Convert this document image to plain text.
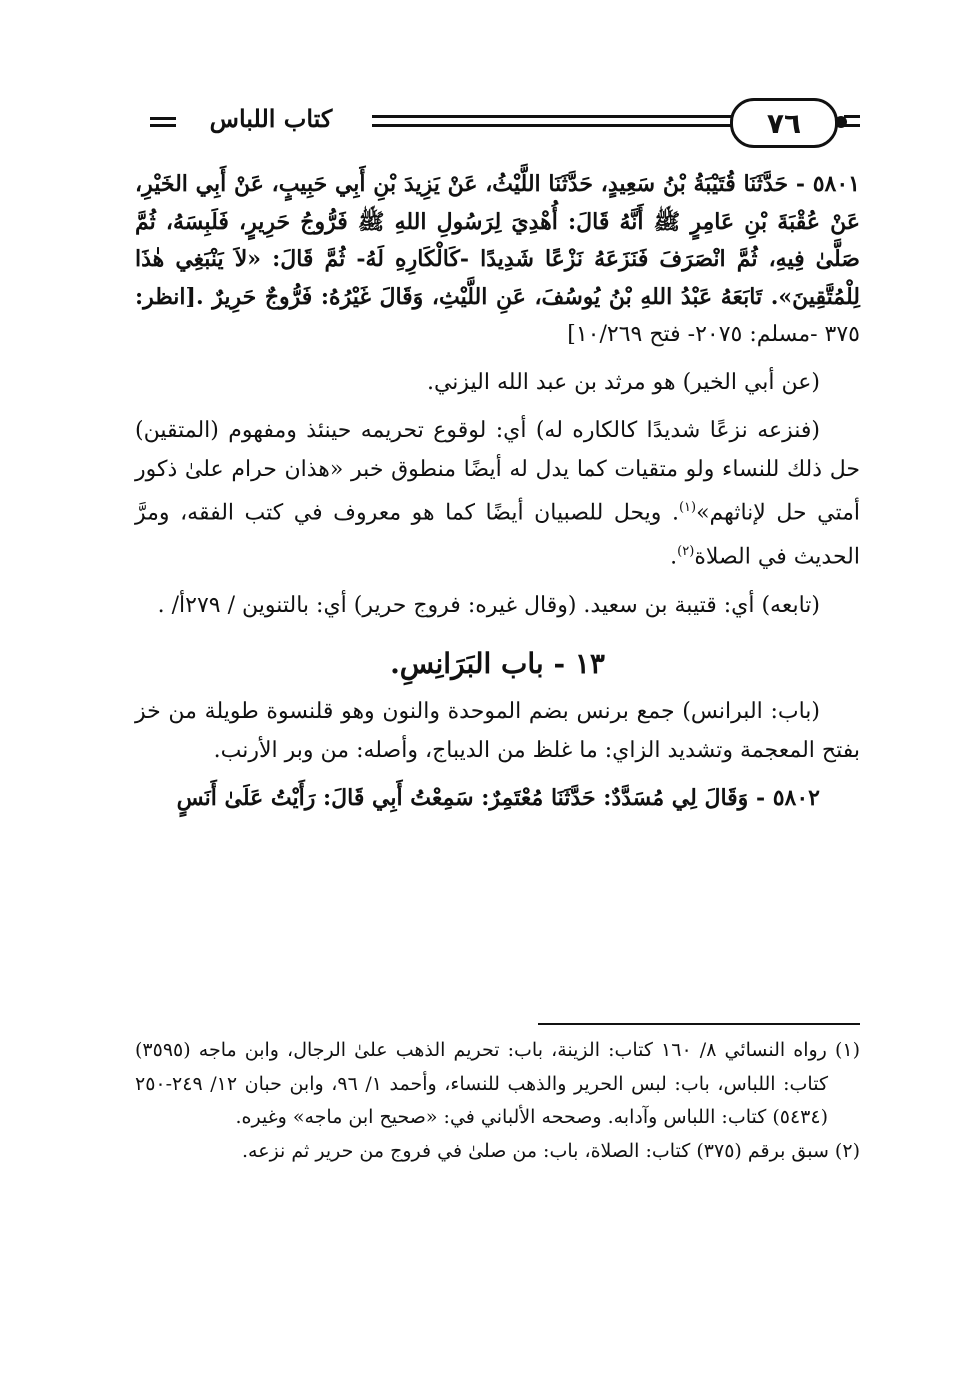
كتاب اللباس	٧٦

٥٨٠١ - حَدَّثَنَا قُتَيْبَةُ بْنُ سَعِيدٍ، حَدَّثَنَا اللَّيْثُ، عَنْ يَزِيدَ بْنِ أَبِي حَبِيبٍ، عَنْ أَبِي الخَيْرِ، عَنْ عُقْبَةَ بْنِ عَامِرٍ ﷺ أَنَّهُ قَالَ: أُهْدِيَ لِرَسُولِ اللهِ ﷺ فَرُّوجُ حَرِيرٍ، فَلَبِسَهُ، ثُمَّ صَلَّىٰ فِيهِ، ثُمَّ انْصَرَفَ فَنَزَعَهُ نَزْعًا شَدِيدًا -كَالْكَارِهِ لَهُ- ثُمَّ قَالَ: «لاَ يَنْبَغِي هٰذَا لِلْمُتَّقِينَ». تَابَعَهُ عَبْدُ اللهِ بْنُ يُوسُفَ، عَنِ اللَّيْثِ، وَقَالَ غَيْرُهُ: فَرُّوجٌ حَرِيرٌ .[انظر: ٣٧٥ -مسلم: ٢٠٧٥- فتح ١٠/٢٦٩]

(عن أبي الخير) هو مرثد بن عبد الله اليزني.

(فنزعه نزعًا شديدًا كالكاره له) أي: لوقوع تحريمه حينئذ ومفهوم (المتقين) حل ذلك للنساء ولو متقيات كما يدل له أيضًا منطوق خبر «هذان حرام علىٰ ذكور أمتي حل لإناثهم»$^{(١)}$. ويحل للصبيان أيضًا كما هو معروف في كتب الفقه، ومرَّ الحديث في الصلاة$^{(٢)}$.

(تابعه) أي: قتيبة بن سعيد. (وقال غيره: فروج حرير) أي: بالتنوين / ٢٧٩أ/ .

١٣ - باب البَرَانِسِ.

(باب: البرانس) جمع برنس بضم الموحدة والنون وهو قلنسوة طويلة من خز بفتح المعجمة وتشديد الزاي: ما غلظ من الديباج، وأصله: من وبر الأرنب.

٥٨٠٢ - وَقَالَ لِي مُسَدَّدٌ: حَدَّثَنَا مُعْتَمِرٌ: سَمِعْتُ أَبِي قَالَ: رَأَيْتُ عَلَىٰ أَنَسٍ

(١) رواه النسائي ٨/ ١٦٠ كتاب: الزينة، باب: تحريم الذهب علىٰ الرجال، وابن ماجه (٣٥٩٥) كتاب: اللباس، باب: لبس الحرير والذهب للنساء، وأحمد ١/ ٩٦، وابن حبان ١٢/ ٢٤٩-٢٥٠ (٥٤٣٤) كتاب: اللباس وآدابه. وصححه الألباني في: «صحيح ابن ماجه» وغيره.

(٢) سبق برقم (٣٧٥) كتاب: الصلاة، باب: من صلىٰ في فروج من حرير ثم نزعه.
